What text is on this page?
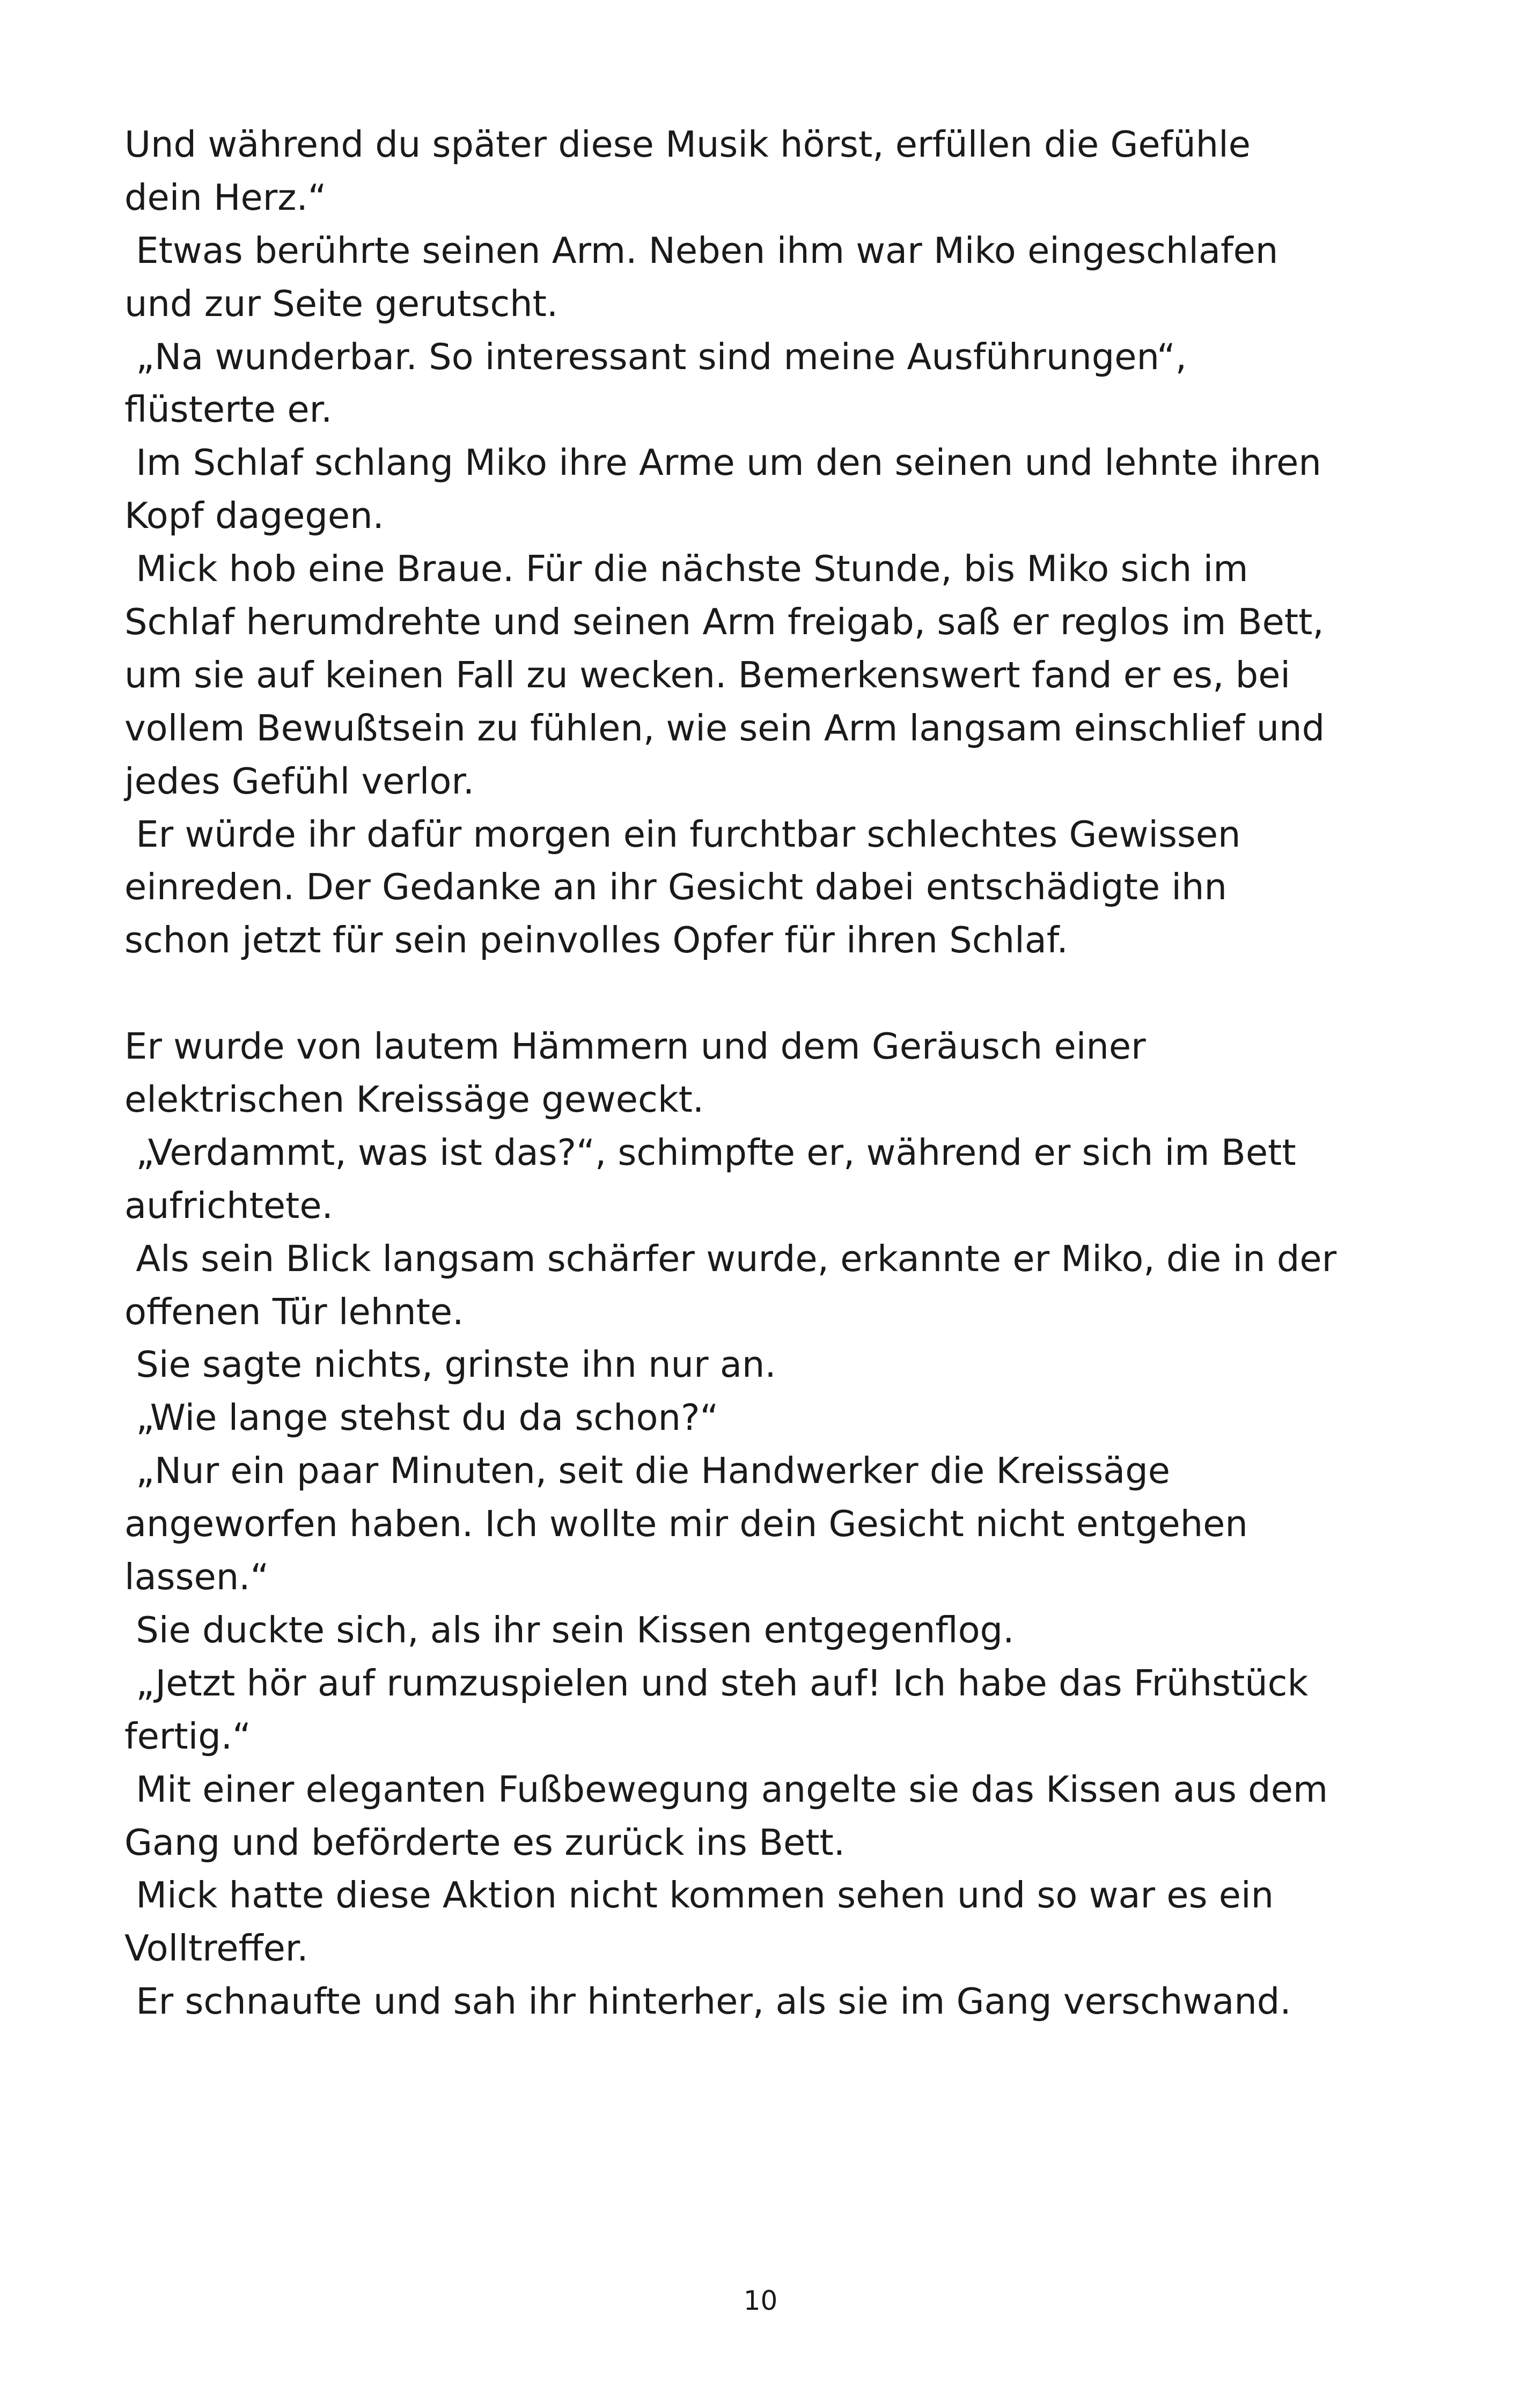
Und während du später diese Musik hörst, erfüllen die Gefühle
dein Herz.“
Etwas berührte seinen Arm. Neben ihm war Miko eingeschlafen
und zur Seite gerutscht.
„Na wunderbar. So interessant sind meine Ausführungen“,
flüsterte er.
Im Schlaf schlang Miko ihre Arme um den seinen und lehnte ihren
Kopf dagegen.
Mick hob eine Braue. Für die nächste Stunde, bis Miko sich im
Schlaf herumdrehte und seinen Arm freigab, saß er reglos im Bett,
um sie auf keinen Fall zu wecken. Bemerkenswert fand er es, bei
vollem Bewußtsein zu fühlen, wie sein Arm langsam einschlief und
jedes Gefühl verlor.
Er würde ihr dafür morgen ein furchtbar schlechtes Gewissen
einreden. Der Gedanke an ihr Gesicht dabei entschädigte ihn
schon jetzt für sein peinvolles Opfer für ihren Schlaf.
Er wurde von lautem Hämmern und dem Geräusch einer
elektrischen Kreissäge geweckt.
„Verdammt, was ist das?“, schimpfte er, während er sich im Bett
aufrichtete.
Als sein Blick langsam schärfer wurde, erkannte er Miko, die in der
offenen Tür lehnte.
Sie sagte nichts, grinste ihn nur an.
„Wie lange stehst du da schon?“
„Nur ein paar Minuten, seit die Handwerker die Kreissäge
angeworfen haben. Ich wollte mir dein Gesicht nicht entgehen
lassen.“
Sie duckte sich, als ihr sein Kissen entgegenflog.
„Jetzt hör auf rumzuspielen und steh auf! Ich habe das Frühstück
fertig.“
Mit einer eleganten Fußbewegung angelte sie das Kissen aus dem
Gang und beförderte es zurück ins Bett.
Mick hatte diese Aktion nicht kommen sehen und so war es ein
Volltreffer.
Er schnaufte und sah ihr hinterher, als sie im Gang verschwand.
10
